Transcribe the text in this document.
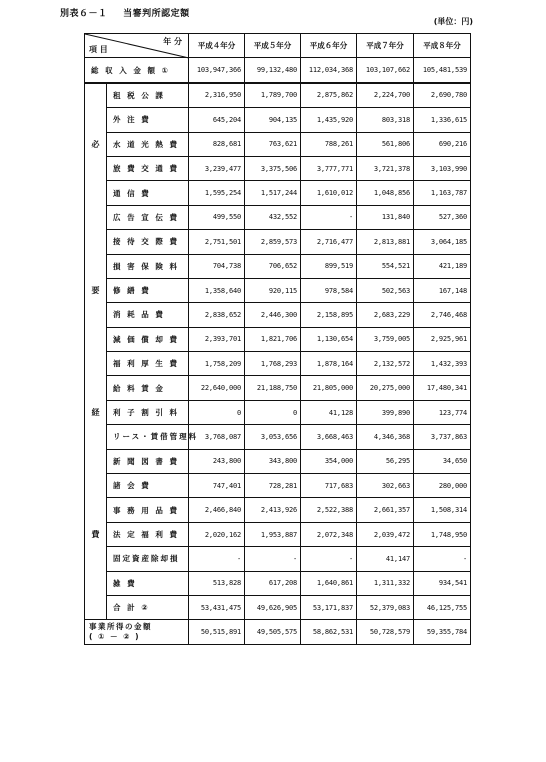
別表６－１ 当審判所認定額
(単位：円)
年 分
項 目		平成４年分	平成５年分	平成６年分	平成７年分	平成８年分
総 収 入 金 額 ①		103,947,366	99,132,480	112,034,368	103,107,662	105,481,539
	租 税 公 課	2,316,950	1,789,700	2,875,862	2,224,700	2,690,780
	外 注 費	645,204	904,135	1,435,920	803,318	1,336,615
必	水 道 光 熱 費	828,681	763,621	788,261	561,806	690,216
	旅 費 交 通 費	3,239,477	3,375,506	3,777,771	3,721,378	3,103,990
	通 信 費	1,595,254	1,517,244	1,610,012	1,048,856	1,163,787
	広 告 宣 伝 費	499,550	432,552	-	131,840	527,360
	接 待 交 際 費	2,751,501	2,859,573	2,716,477	2,813,881	3,064,185
	損 害 保 険 料	704,738	706,652	899,519	554,521	421,189
要	修 繕 費	1,358,640	920,115	978,584	502,563	167,148
	消 耗 品 費	2,838,652	2,446,300	2,158,895	2,683,229	2,746,468
	減 価 償 却 費	2,393,701	1,821,706	1,130,654	3,759,005	2,925,961
	福 利 厚 生 費	1,758,209	1,768,293	1,878,164	2,132,572	1,432,393
	給 料 賃 金	22,640,000	21,188,750	21,805,000	20,275,000	17,480,341
経	利 子 割 引 料	0	0	41,128	399,890	123,774
	リース・賃借管理料	3,768,087	3,053,656	3,668,463	4,346,368	3,737,863
	新 聞 図 書 費	243,800	343,800	354,000	56,295	34,650
	諸 会 費	747,401	728,281	717,683	302,663	280,000
	事 務 用 品 費	2,466,840	2,413,926	2,522,388	2,661,357	1,508,314
費	法 定 福 利 費	2,020,162	1,953,887	2,072,348	2,039,472	1,748,950
	固定資産除却損	-	-	-	41,147	-
	雑 費	513,828	617,208	1,640,861	1,311,332	934,541
	合 計 ②	53,431,475	49,626,905	53,171,837	52,379,083	46,125,755

事業所得の金額
( ① － ② )		50,515,891	49,505,575	58,862,531	50,728,579	59,355,784
